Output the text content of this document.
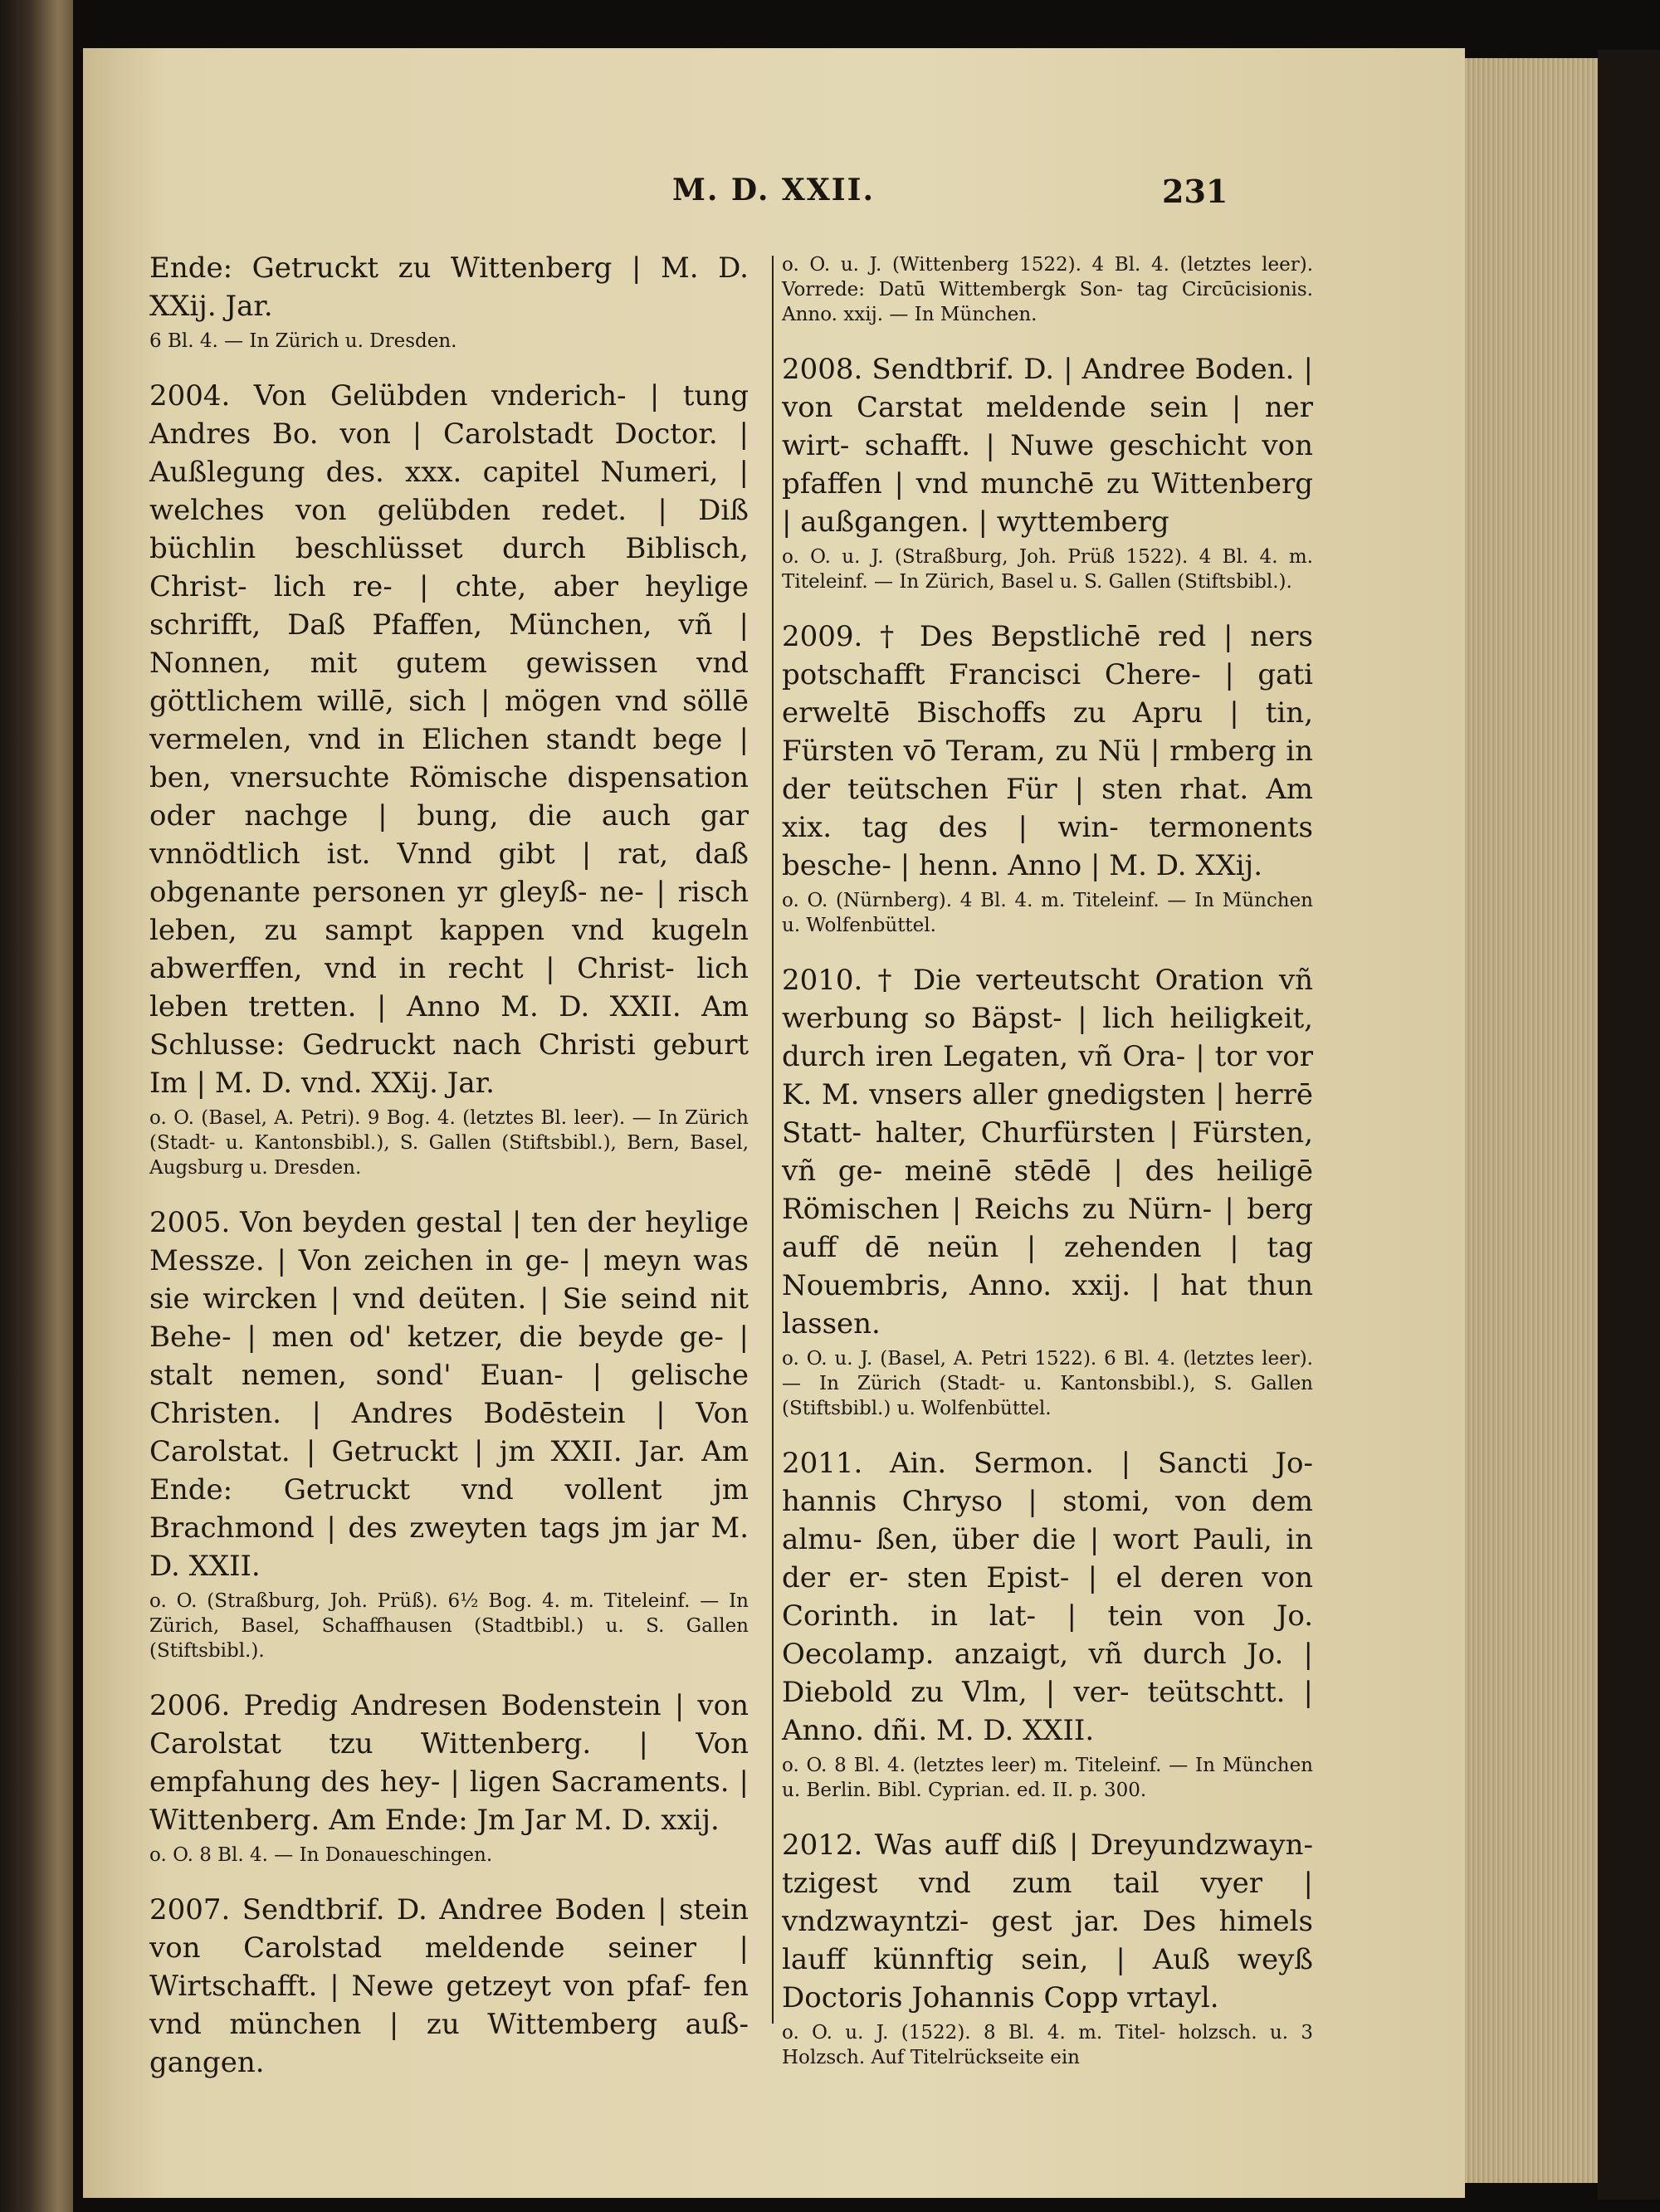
M. D. XXII.	231

Ende: Getruckt zu Wittenberg | M. D. XXij. Jar.

6 Bl. 4. — In Zürich u. Dresden.

2004. Von Gelübden vnderich- | tung Andres Bo. von | Carolstadt Doctor. | Außlegung des. xxx. capitel Numeri, | welches von gelübden redet. | Diß büchlin beschlüsset durch Biblisch, Christ- lich re- | chte, aber heylige schrifft, Daß Pfaffen, München, vñ | Nonnen, mit gutem gewissen vnd göttlichem willē, sich | mögen vnd söllē vermelen, vnd in Elichen standt bege | ben, vnersuchte Römische dispensation oder nachge | bung, die auch gar vnnödtlich ist. Vnnd gibt | rat, daß obgenante personen yr gleyß- ne- | risch leben, zu sampt kappen vnd kugeln abwerffen, vnd in recht | Christ- lich leben tretten. | Anno M. D. XXII. Am Schlusse: Gedruckt nach Christi geburt Im | M. D. vnd. XXij. Jar.

o. O. (Basel, A. Petri). 9 Bog. 4. (letztes Bl. leer). — In Zürich (Stadt- u. Kantonsbibl.), S. Gallen (Stiftsbibl.), Bern, Basel, Augsburg u. Dresden.

2005. Von beyden gestal | ten der heylige Messze. | Von zeichen in ge- | meyn was sie wircken | vnd deüten. | Sie seind nit Behe- | men od' ketzer, die beyde ge- | stalt nemen, sond' Euan- | gelische Christen. | Andres Bodēstein | Von Carolstat. | Getruckt | jm XXII. Jar. Am Ende: Getruckt vnd vollent jm Brachmond | des zweyten tags jm jar M. D. XXII.

o. O. (Straßburg, Joh. Prüß). 6½ Bog. 4. m. Titeleinf. — In Zürich, Basel, Schaffhausen (Stadtbibl.) u. S. Gallen (Stiftsbibl.).

2006. Predig Andresen Bodenstein | von Carolstat tzu Wittenberg. | Von empfahung des hey- | ligen Sacraments. | Wittenberg. Am Ende: Jm Jar M. D. xxij.

o. O. 8 Bl. 4. — In Donaueschingen.

2007. Sendtbrif. D. Andree Boden | stein von Carolstad meldende seiner | Wirtschafft. | Newe getzeyt von pfaf- fen vnd münchen | zu Wittemberg auß- gangen.

o. O. u. J. (Wittenberg 1522). 4 Bl. 4. (letztes leer). Vorrede: Datū Wittembergk Son- tag Circūcisionis. Anno. xxij. — In München.

2008. Sendtbrif. D. | Andree Boden. | von Carstat meldende sein | ner wirt- schafft. | Nuwe geschicht von pfaffen | vnd munchē zu Wittenberg | außgangen. | wyttemberg

o. O. u. J. (Straßburg, Joh. Prüß 1522). 4 Bl. 4. m. Titeleinf. — In Zürich, Basel u. S. Gallen (Stiftsbibl.).

2009. † Des Bepstlichē red | ners potschafft Francisci Chere- | gati erweltē Bischoffs zu Apru | tin, Fürsten vō Teram, zu Nü | rmberg in der teütschen Für | sten rhat. Am xix. tag des | win- termonents besche- | henn. Anno | M. D. XXij.

o. O. (Nürnberg). 4 Bl. 4. m. Titeleinf. — In München u. Wolfenbüttel.

2010. † Die verteutscht Oration vñ werbung so Bäpst- | lich heiligkeit, durch iren Legaten, vñ Ora- | tor vor K. M. vnsers aller gnedigsten | herrē Statt- halter, Churfürsten | Fürsten, vñ ge- meinē stēdē | des heiligē Römischen | Reichs zu Nürn- | berg auff dē neün | zehenden | tag Nouembris, Anno. xxij. | hat thun lassen.

o. O. u. J. (Basel, A. Petri 1522). 6 Bl. 4. (letztes leer). — In Zürich (Stadt- u. Kantonsbibl.), S. Gallen (Stiftsbibl.) u. Wolfenbüttel.

2011. Ain. Sermon. | Sancti Jo- hannis Chryso | stomi, von dem almu- ßen, über die | wort Pauli, in der er- sten Epist- | el deren von Corinth. in lat- | tein von Jo. Oecolamp. anzaigt, vñ durch Jo. | Diebold zu Vlm, | ver- teütschtt. | Anno. dñi. M. D. XXII.

o. O. 8 Bl. 4. (letztes leer) m. Titeleinf. — In München u. Berlin. Bibl. Cyprian. ed. II. p. 300.

2012. Was auff diß | Dreyundzwayn- tzigest vnd zum tail vyer | vndzwayntzi- gest jar. Des himels lauff künnftig sein, | Auß weyß Doctoris Johannis Copp vrtayl.

o. O. u. J. (1522). 8 Bl. 4. m. Titel- holzsch. u. 3 Holzsch. Auf Titelrückseite ein
